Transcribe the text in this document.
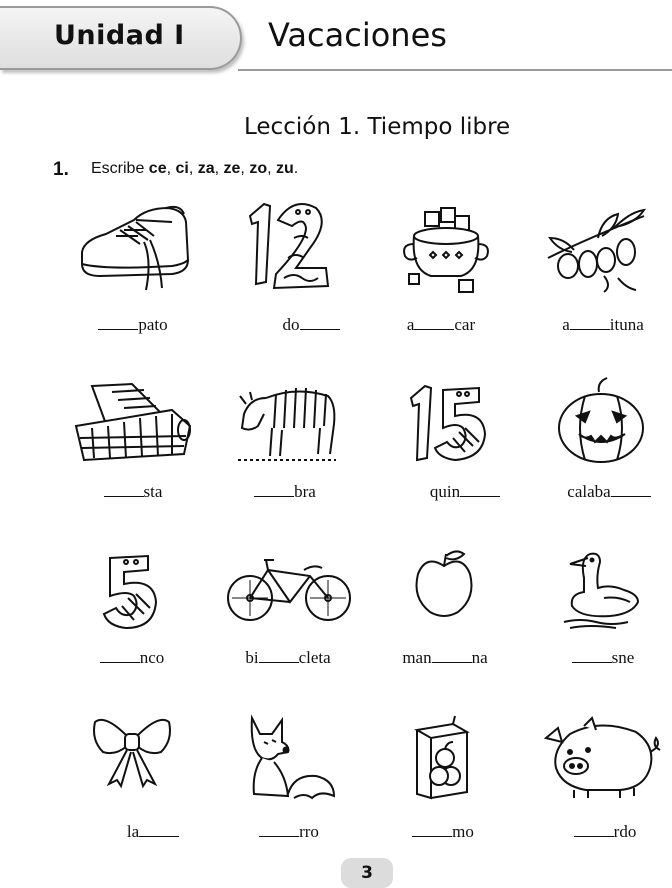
Unidad I	Vacaciones
Lección 1. Tiempo libre
1. Escribe ce, ci, za, ze, zo, zu.
pato	do	a car	a ituna
sta	bra	quin	calaba
nco	bi cleta	man na	sne
la	rro	mo	rdo
3
